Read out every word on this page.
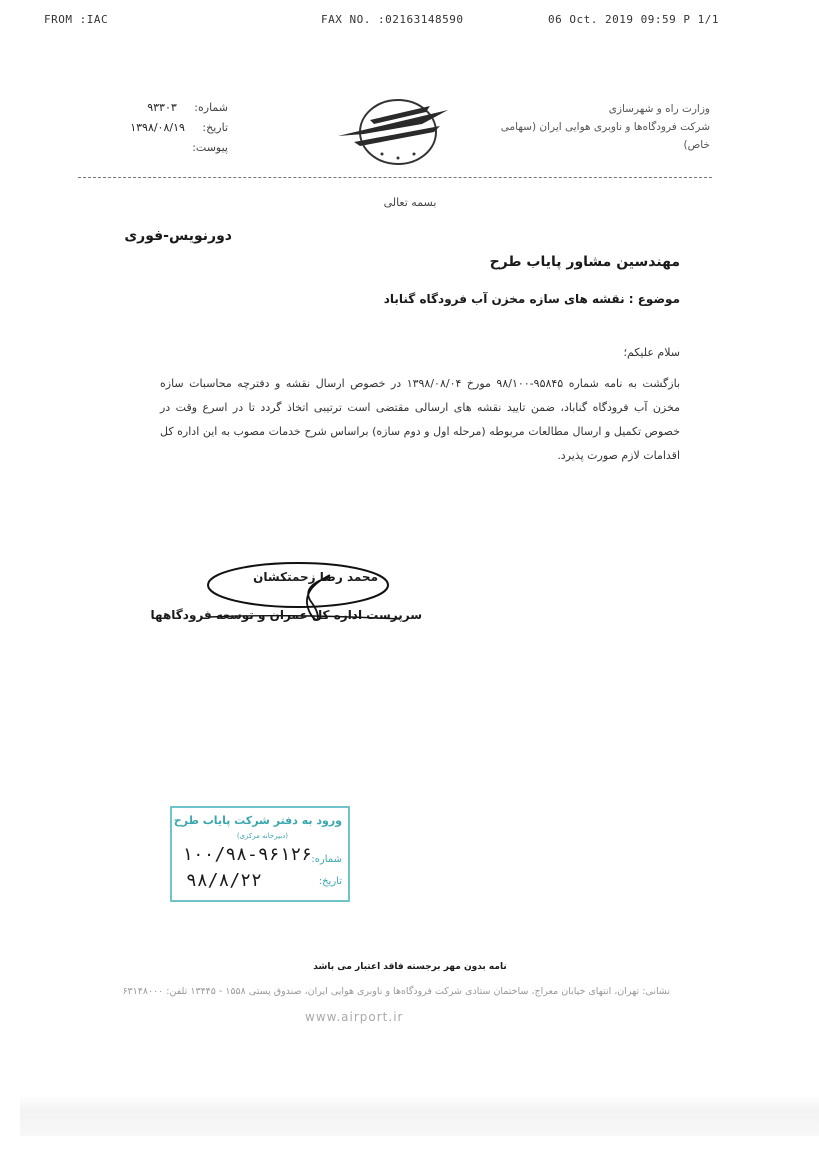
FROM :IAC	FAX NO. :02163148590	06 Oct. 2019 09:59 P 1/1
شماره: ۹۳۳۰۳
تاریخ: ۱۳۹۸/۰۸/۱۹
پیوست:
وزارت راه و شهرسازی
شرکت فرودگاه‌ها و ناوبری هوایی ایران (سهامی خاص)
بسمه تعالی
دورنویس-فوری
مهندسین مشاور پایاب طرح
موضوع : نقشه های سازه مخزن آب فرودگاه گناباد
سلام علیکم؛
بازگشت به نامه شماره ۹۵۸۴۵-۹۸/۱۰۰ مورخ ۱۳۹۸/۰۸/۰۴ در خصوص ارسال نقشه و دفترچه محاسبات سازه مخزن آب فرودگاه گناباد، ضمن تایید نقشه های ارسالی مقتضی است ترتیبی اتخاذ گردد تا در اسرع وقت در خصوص تکمیل و ارسال مطالعات مربوطه (مرحله اول و دوم سازه) براساس شرح خدمات مصوب به این اداره کل اقدامات لازم صورت پذیرد.
محمد رضا زحمتکشان
سرپرست اداره کل عمران و توسعه فرودگاهها
ورود به دفتر شرکت پایاب طرح
(دبیرخانه مرکزی)
شماره:
۱۰۰/۹۸-۹۶۱۲۶
تاریخ:
۹۸/۸/۲۲
نامه بدون مهر برجسته فاقد اعتبار می باشد
نشانی: تهران، انتهای خیابان معراج، ساختمان ستادی شرکت فرودگاه‌ها و ناوبری هوایی ایران، صندوق پستی ۱۵۵۸ - ۱۳۴۴۵ تلفن: ۶۳۱۴۸۰۰۰
www.airport.ir
